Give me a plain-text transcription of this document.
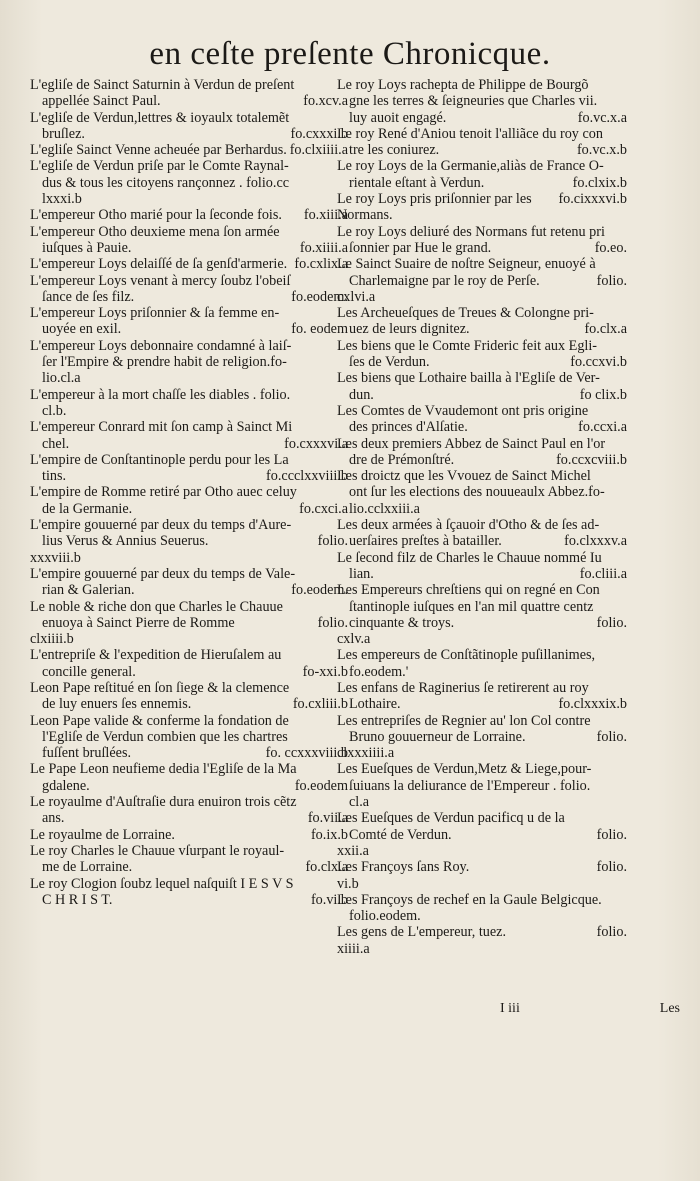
en ceſte preſente Chronicque.
L'egliſe de Sainct Saturnin à Verdun de preſent
appellée Sainct Paul.	fo.xcv.a
L'egliſe de Verdun,lettres & ioyaulx totalemẽt
bruſlez.	fo.cxxxi.b
L'egliſe Sainct Venne acheuée par Berhardus. fo.clxiiii.a
L'egliſe de Verdun priſe par le Comte Raynal-
dus & tous les citoyens rançonnez . folio.cc
lxxxi.b
L'empereur Otho marié pour la ſeconde fois. fo.xiii.a
L'empereur Otho deuxieme mena ſon armée
iuſques à Pauie.	fo.xiiii.a
L'empereur Loys delaiſſé de ſa genſd'armerie. fo.cxlix.a
L'empereur Loys venant à mercy ſoubz l'obeiſ
ſance de ſes filz.	fo.eodem.
L'empereur Loys priſonnier & ſa femme en-
uoyée en exil.	fo. eodem
L'empereur Loys debonnaire condamné à laiſ-
ſer l'Empire & prendre habit de religion.fo-
lio.cl.a
L'empereur à la mort chaſſe les diables . folio.
cl.b.
L'empereur Conrard mit ſon camp à Sainct Mi
chel.	fo.cxxxvi.a
L'empire de Conſtantinople perdu pour les La
tins.	fo.ccclxxviii.b
L'empire de Romme retiré par Otho auec celuy
de la Germanie.	fo.cxci.a
L'empire gouuerné par deux du temps d'Aure-
lius Verus & Annius Seuerus.	folio.
xxxviii.b
L'empire gouuerné par deux du temps de Vale-
rian & Galerian.	fo.eodem.
Le noble & riche don que Charles le Chauue
enuoya à Sainct Pierre de Romme	folio.
clxiiii.b
L'entrepriſe & l'expedition de Hieruſalem au
concille general.	fo-xxi.b
Leon Pape reſtitué en ſon ſiege & la clemence
de luy enuers ſes ennemis.	fo.cxliii.b
Leon Pape valide & conferme la fondation de
l'Egliſe de Verdun combien que les chartres
fuſſent bruſlées.	fo. ccxxxviii.b
Le Pape Leon neufieme dedia l'Egliſe de la Ma
gdalene.	fo.eodem
Le royaulme d'Auſtraſie dura enuiron trois cẽtz
ans.	fo.vii.a
Le royaulme de Lorraine.	fo.ix.b
Le roy Charles le Chauue vſurpant le royaul-
me de Lorraine.	fo.clx.a
Le roy Clogion ſoubz lequel naſquiſt I E S V S
C H R I S T.	fo.vi.b
Le roy Loys rachepta de Philippe de Bourgõ
gne les terres & ſeigneuries que Charles vii.
luy auoit engagé.	fo.vc.x.a
Le roy René d'Aniou tenoit l'alliãce du roy con
tre les coniurez.	fo.vc.x.b
Le roy Loys de la Germanie,aliàs de France O-
rientale eſtant à Verdun.	fo.clxix.b
Le roy Loys pris priſonnier par les Normans.
fo.cixxxvi.b
Le roy Loys deliuré des Normans fut retenu pri
ſonnier par Hue le grand.	fo.eo.
Le Sainct Suaire de noſtre Seigneur, enuoyé à
Charlemaigne par le roy de Perſe.	folio.
cxlvi.a
Les Archeueſques de Treues & Colongne pri-
uez de leurs dignitez.	fo.clx.a
Les biens que le Comte Frideric feit aux Egli-
ſes de Verdun.	fo.ccxvi.b
Les biens que Lothaire bailla à l'Egliſe de Ver-
dun.	fo clix.b
Les Comtes de Vvaudemont ont pris origine
des princes d'Alſatie.	fo.ccxi.a
Les deux premiers Abbez de Sainct Paul en l'or
dre de Prémonſtré.	fo.ccxcviii.b
Les droictz que les Vvouez de Sainct Michel
ont ſur les elections des nouueaulx Abbez.fo-
lio.cclxxiii.a
Les deux armées à ſçauoir d'Otho & de ſes ad-
uerſaires preſtes à batailler.	fo.clxxxv.a
Le ſecond filz de Charles le Chauue nommé Iu
lian.	fo.cliii.a
Les Empereurs chreſtiens qui on regné en Con
ſtantinople iuſques en l'an mil quattre centz
cinquante & troys.	folio.
cxlv.a
Les empereurs de Conſtãtinople puſillanimes,
fo.eodem.'
Les enfans de Raginerius ſe retirerent au roy
Lothaire.	fo.clxxxix.b
Les entrepriſes de Regnier au' lon Col contre
Bruno gouuerneur de Lorraine.	folio.
clxxxiiii.a
Les Eueſques de Verdun,Metz & Liege,pour-
ſuiuans la deliurance de l'Empereur . folio.
cl.a
Les Eueſques de Verdun pacificq u de la
Comté de Verdun.	folio.
xxii.a
Les Françoys ſans Roy.	folio.
vi.b
Les Françoys de rechef en la Gaule Belgicque.
folio.eodem.
Les gens de L'empereur, tuez.	folio.
xiiii.a
I iii	Les
